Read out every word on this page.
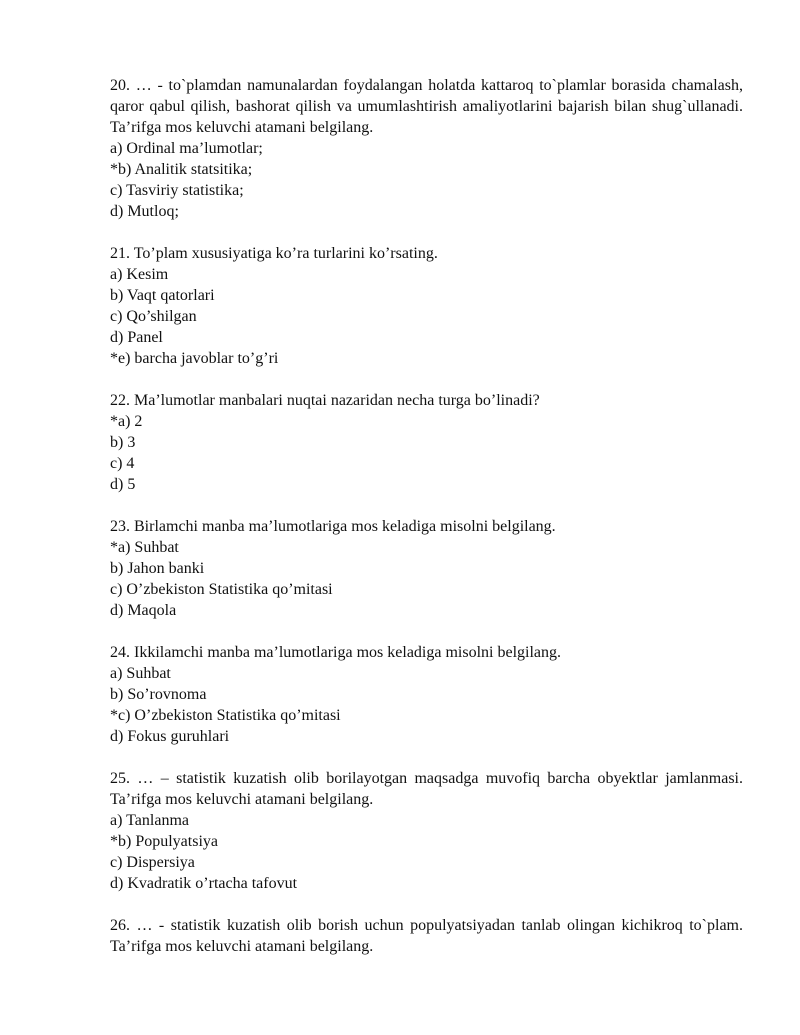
20. … - to`plamdan namunalardan foydalangan holatda kattaroq to`plamlar borasida chamalash, qaror qabul qilish, bashorat qilish va umumlashtirish amaliyotlarini bajarish bilan shug`ullanadi. Ta’rifga mos keluvchi atamani belgilang.

a) Ordinal ma’lumotlar;

*b) Analitik statsitika;

c) Tasviriy statistika;

d) Mutloq;

21. To’plam xususiyatiga ko’ra turlarini ko’rsating.

a) Kesim

b) Vaqt qatorlari

c) Qo’shilgan

d) Panel

*e) barcha javoblar to’g’ri

22. Ma’lumotlar manbalari nuqtai nazaridan necha turga bo’linadi?

*a) 2

b) 3

c) 4

d) 5

23. Birlamchi manba ma’lumotlariga mos keladiga misolni belgilang.

*a) Suhbat

b) Jahon banki

c) O’zbekiston Statistika qo’mitasi

d) Maqola

24. Ikkilamchi manba ma’lumotlariga mos keladiga misolni belgilang.

a) Suhbat

b) So’rovnoma

*c) O’zbekiston Statistika qo’mitasi

d) Fokus guruhlari

25. … – statistik kuzatish olib borilayotgan maqsadga muvofiq barcha obyektlar jamlanmasi. Ta’rifga mos keluvchi atamani belgilang.

a) Tanlanma

*b) Populyatsiya

c) Dispersiya

d) Kvadratik o’rtacha tafovut

26. … - statistik kuzatish olib borish uchun populyatsiyadan tanlab olingan kichikroq to`plam. Ta’rifga mos keluvchi atamani belgilang.
